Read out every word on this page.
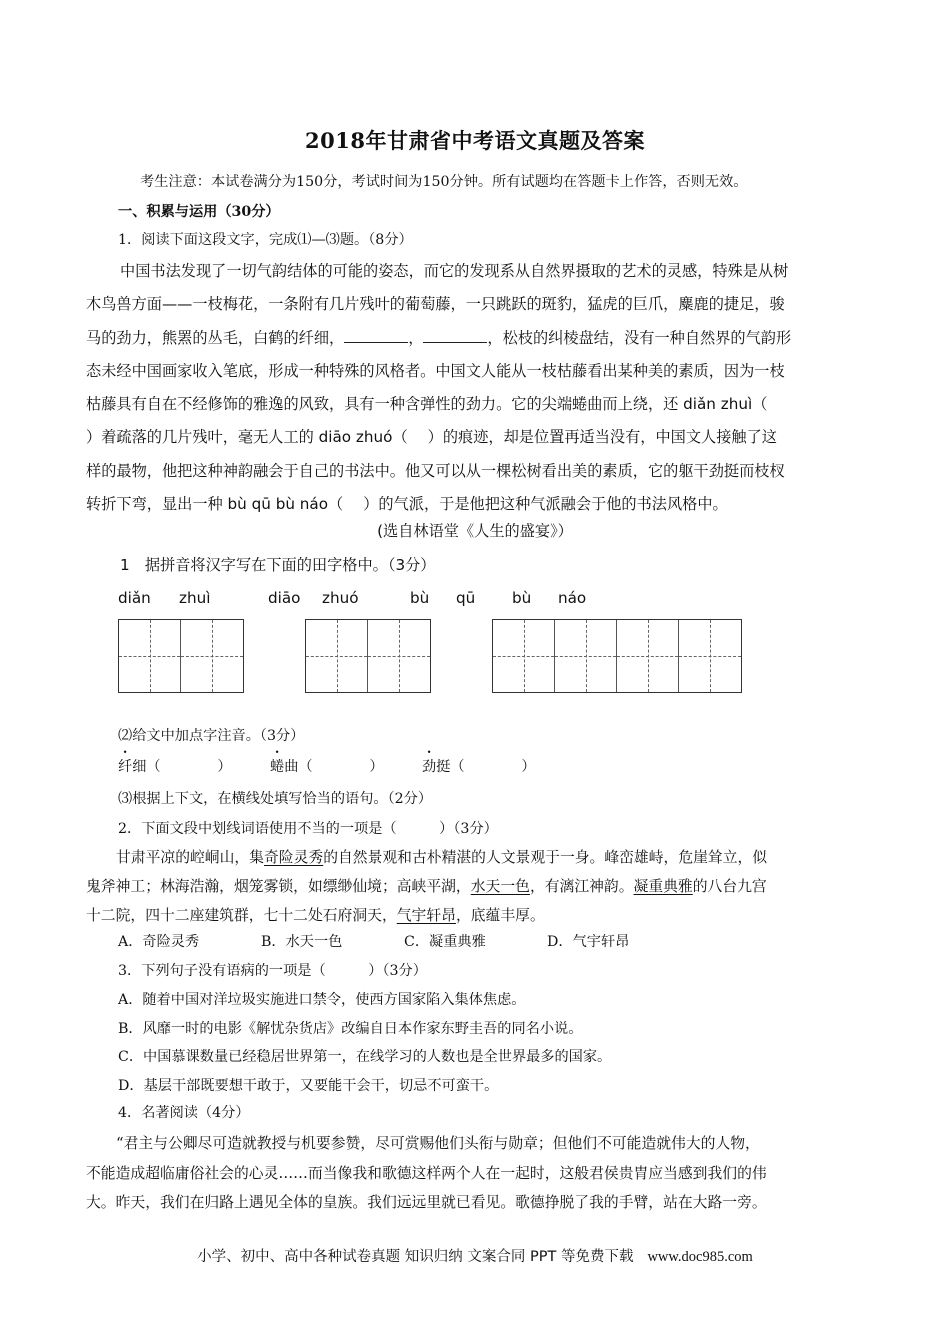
2018年甘肃省中考语文真题及答案
考生注意：本试卷满分为150分，考试时间为150分钟。所有试题均在答题卡上作答，否则无效。
一、积累与运用（30分）
1．阅读下面这段文字，完成⑴—⑶题。（8分）
中国书法发现了一切气韵结体的可能的姿态，而它的发现系从自然界摄取的艺术的灵感，特殊是从树
木鸟兽方面——一枝梅花，一条附有几片残叶的葡萄藤，一只跳跃的斑豹，猛虎的巨爪，麋鹿的捷足，骏
马的劲力，熊罴的丛毛，白鹤的纤细，	，	，松枝的纠棱盘结，没有一种自然界的气韵形
态未经中国画家收入笔底，形成一种特殊的风格者。中国文人能从一枝枯藤看出某种美的素质，因为一枝
枯藤具有自在不经修饰的雅逸的风致，具有一种含弹性的劲力。它的尖端蜷曲而上绕，还 diǎn zhuì（
）着疏落的几片残叶，毫无人工的 diāo zhuó（　 ）的痕迹，却是位置再适当没有，中国文人接触了这
样的最物，他把这种神韵融会于自己的书法中。他又可以从一棵松树看出美的素质，它的躯干劲挺而枝杈
转折下弯，显出一种 bù qū bù náo（　 ）的气派，于是他把这种气派融会于他的书法风格中。
(选自林语堂《人生的盛宴》）
1　据拼音将汉字写在下面的田字格中。（3分）
diǎn zhuì	diāo zhuó	bù qū bù náo
⑵给文中加点字注音。（3分）
纤细（　　　　）	蜷曲（　　　　）	劲挺（　　　　）
⑶根据上下文，在横线处填写恰当的语句。（2分）
2．下面文段中划线词语使用不当的一项是（　　　）（3分）
甘肃平凉的崆峒山，集奇险灵秀的自然景观和古朴精湛的人文景观于一身。峰峦雄峙，危崖耸立，似
鬼斧神工；林海浩瀚，烟笼雾锁，如缥缈仙境；高峡平湖，水天一色，有漓江神韵。凝重典雅的八台九宫
十二院，四十二座建筑群，七十二处石府洞天，气宇轩昂，底蕴丰厚。
A．奇险灵秀	B．水天一色	C．凝重典雅	D．气宇轩昂
3．下列句子没有语病的一项是（　　　）（3分）
A．随着中国对洋垃圾实施进口禁令，使西方国家陷入集体焦虑。
B．风靡一时的电影《解忧杂货店》改编自日本作家东野圭吾的同名小说。
C．中国慕课数量已经稳居世界第一，在线学习的人数也是全世界最多的国家。
D．基层干部既要想干敢于，又要能干会干，切忌不可蛮干。
4．名著阅读（4分）
“君主与公卿尽可造就教授与机要参赞，尽可赏赐他们头衔与勋章；但他们不可能造就伟大的人物，
不能造成超临庸俗社会的心灵……而当像我和歌德这样两个人在一起时，这般君侯贵胄应当感到我们的伟
大。昨天，我们在归路上遇见全体的皇族。我们远远里就已看见。歌德挣脱了我的手臂，站在大路一旁。
小学、初中、高中各种试卷真题 知识归纳 文案合同 PPT 等免费下载 www.doc985.com
